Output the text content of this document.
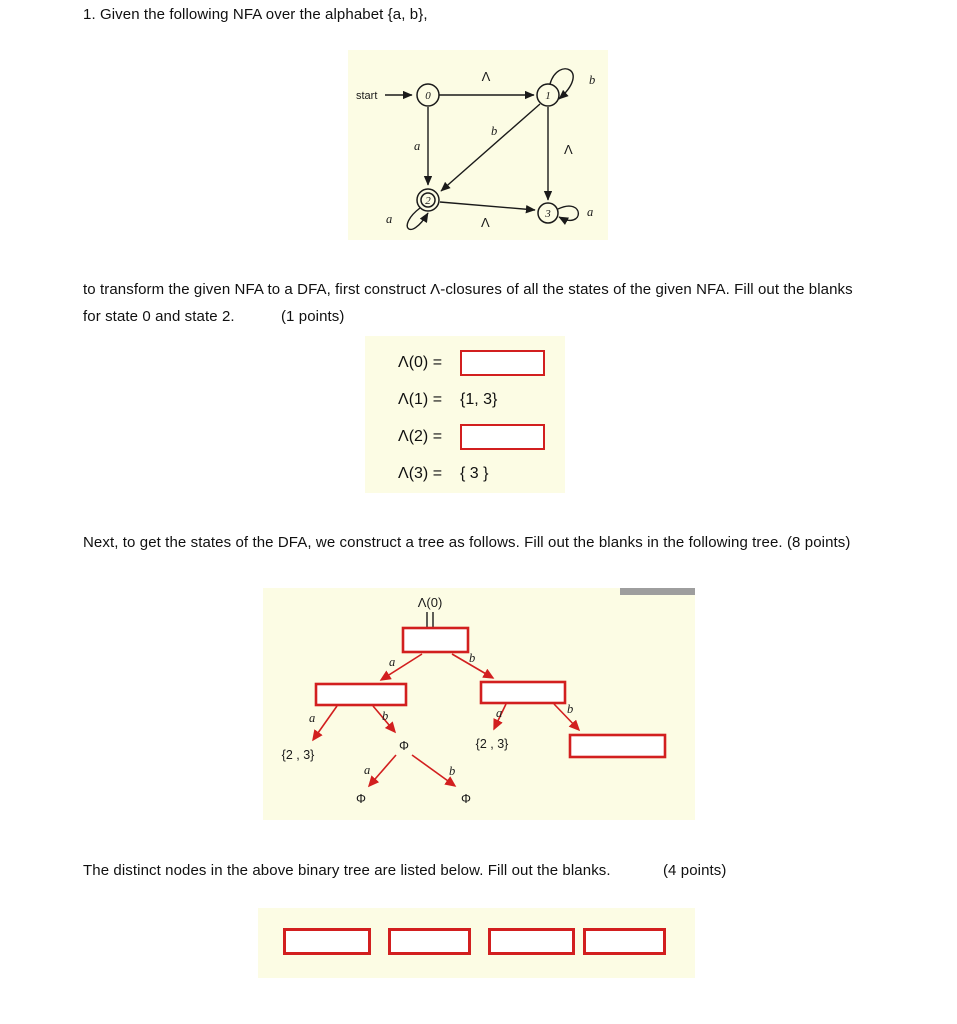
1. Given the following NFA over the alphabet {a, b},
0	1
2
3
start
Λ	b
a
b
Λ
Λ
a
a
to transform the given NFA to a DFA, first construct Λ-closures of all the states of the given NFA. Fill out the blanks
for state 0 and state 2.	(1 points)
Λ(0) =
Λ(1) =	{1, 3}
Λ(2) =
Λ(3) =	{ 3 }
Next, to get the states of the DFA, we construct a tree as follows. Fill out the blanks in the following tree. (8 points)
Λ(0)
a	b
a	b
a	b
a	b
{2 , 3}
Φ
Φ	Φ
{2 , 3}
The distinct nodes in the above binary tree are listed below. Fill out the blanks.	(4 points)
